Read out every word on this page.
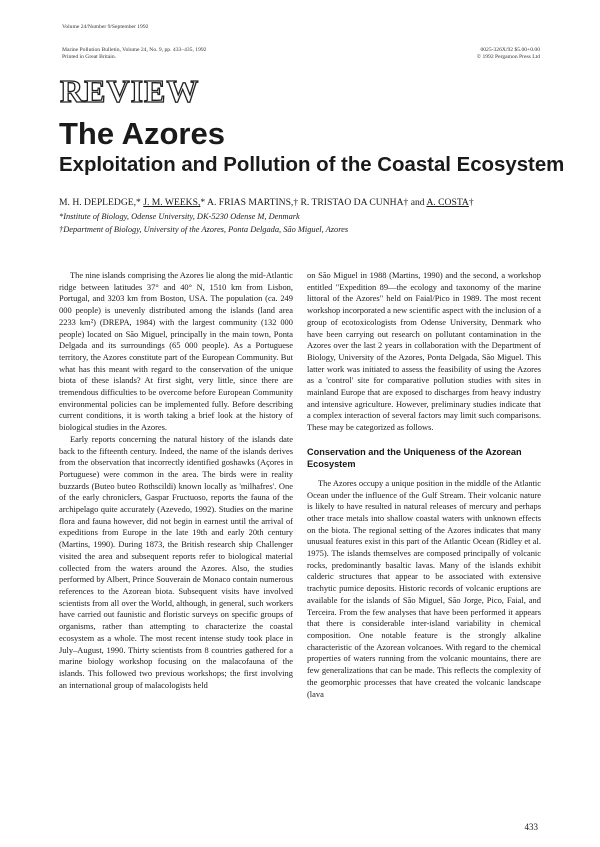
Volume 24/Number 9/September 1992
Marine Pollution Bulletin, Volume 24, No. 9, pp. 433–435, 1992
Printed in Great Britain.
0025-326X/92 $5.00+0.00
© 1992 Pergamon Press Ltd
REVIEW
The Azores
Exploitation and Pollution of the Coastal Ecosystem
M. H. DEPLEDGE,* J. M. WEEKS,* A. FRIAS MARTINS,† R. TRISTAO DA CUNHA† and A. COSTA†
*Institute of Biology, Odense University, DK-5230 Odense M, Denmark
†Department of Biology, University of the Azores, Ponta Delgada, São Miguel, Azores

The nine islands comprising the Azores lie along the mid-Atlantic ridge between latitudes 37° and 40° N, 1510 km from Lisbon, Portugal, and 3203 km from Boston, USA. The population (ca. 249 000 people) is unevenly distributed among the islands (land area 2233 km²) (DREPA, 1984) with the largest community (132 000 people) located on São Miguel, principally in the main town, Ponta Delgada and its surroundings (65 000 people). As a Portuguese territory, the Azores constitute part of the European Community. But what has this meant with regard to the conservation of the unique biota of these islands? At first sight, very little, since there are tremendous difficulties to be overcome before European Community environmental policies can be implemented fully. Before describing current conditions, it is worth taking a brief look at the history of biological studies in the Azores.

Early reports concerning the natural history of the islands date back to the fifteenth century. Indeed, the name of the islands derives from the observation that incorrectly identified goshawks (Açores in Portuguese) were common in the area. The birds were in reality buzzards (Buteo buteo Rothscildi) known locally as 'milhafres'. One of the early chroniclers, Gaspar Fructuoso, reports the fauna of the archipelago quite accurately (Azevedo, 1992). Studies on the marine flora and fauna however, did not begin in earnest until the arrival of expeditions from Europe in the late 19th and early 20th century (Martins, 1990). During 1873, the British research ship Challenger visited the area and subsequent reports refer to biological material collected from the waters around the Azores. Also, the studies performed by Albert, Prince Souverain de Monaco contain numerous references to the Azorean biota. Subsequent visits have involved scientists from all over the World, although, in general, such workers have carried out faunistic and floristic surveys on specific groups of organisms, rather than attempting to characterize the coastal ecosystem as a whole. The most recent intense study took place in July–August, 1990. Thirty scientists from 8 countries gathered for a marine biology workshop focusing on the malacofauna of the islands. This followed two previous workshops; the first involving an international group of malacologists held

on São Miguel in 1988 (Martins, 1990) and the second, a workshop entitled "Expedition 89—the ecology and taxonomy of the marine littoral of the Azores" held on Faial/Pico in 1989. The most recent workshop incorporated a new scientific aspect with the inclusion of a group of ecotoxicologists from Odense University, Denmark who have been carrying out research on pollutant contamination in the Azores over the last 2 years in collaboration with the Department of Biology, University of the Azores, Ponta Delgada, São Miguel. This latter work was initiated to assess the feasibility of using the Azores as a 'control' site for comparative pollution studies with sites in mainland Europe that are exposed to discharges from heavy industry and intensive agriculture. However, preliminary studies indicate that a complex interaction of several factors may limit such comparisons. These may be categorized as follows.

Conservation and the Uniqueness of the Azorean Ecosystem

The Azores occupy a unique position in the middle of the Atlantic Ocean under the influence of the Gulf Stream. Their volcanic nature is likely to have resulted in natural releases of mercury and perhaps other trace metals into shallow coastal waters with unknown effects on the biota. The regional setting of the Azores indicates that many unusual features exist in this part of the Atlantic Ocean (Ridley et al. 1975). The islands themselves are composed principally of volcanic rocks, predominantly basaltic lavas. Many of the islands exhibit calderic structures that appear to be associated with extensive trachytic pumice deposits. Historic records of volcanic eruptions are available for the islands of São Miguel, São Jorge, Pico, Faial, and Terceira. From the few analyses that have been performed it appears that there is considerable inter-island variability in chemical composition. One notable feature is the strongly alkaline characteristic of the Azorean volcanoes. With regard to the chemical properties of waters running from the volcanic mountains, there are few generalizations that can be made. This reflects the complexity of the geomorphic processes that have created the volcanic landscape (lava

433
